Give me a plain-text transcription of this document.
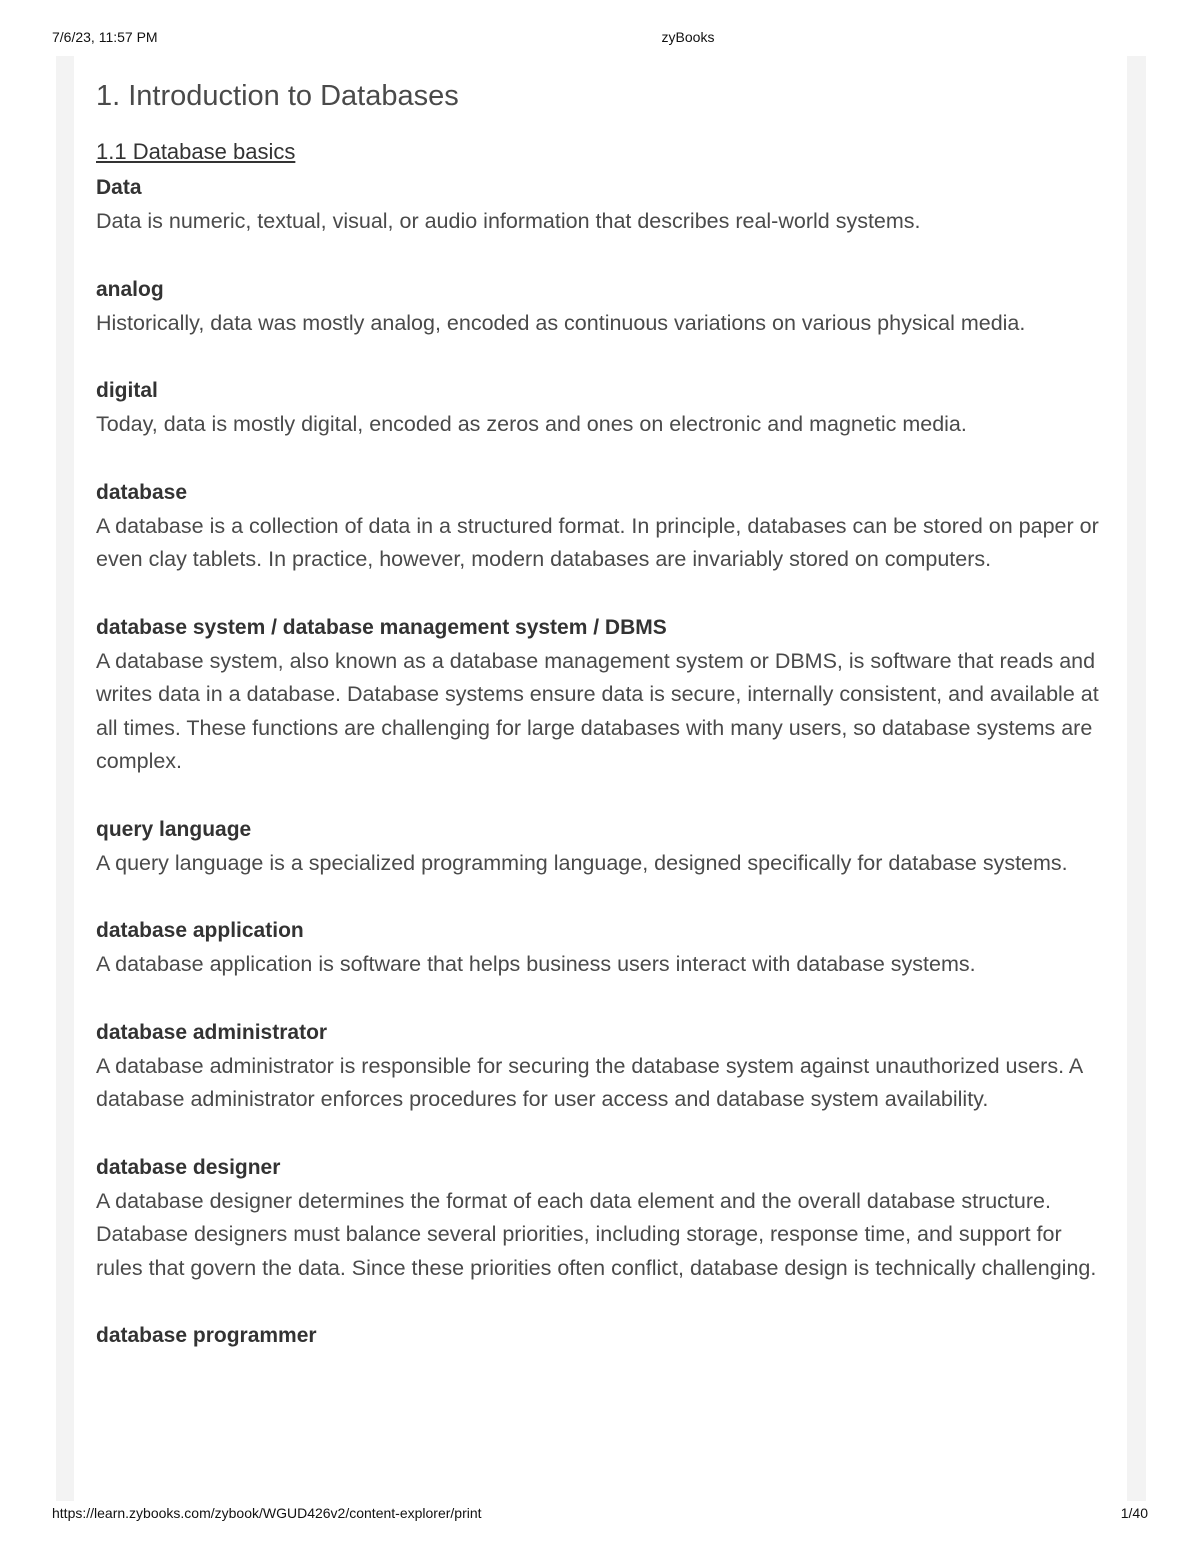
7/6/23, 11:57 PM	zyBooks
1. Introduction to Databases
1.1 Database basics

Data

Data is numeric, textual, visual, or audio information that describes real-world systems.

analog

Historically, data was mostly analog, encoded as continuous variations on various physical media.

digital

Today, data is mostly digital, encoded as zeros and ones on electronic and magnetic media.

database

A database is a collection of data in a structured format. In principle, databases can be stored on paper or even clay tablets. In practice, however, modern databases are invariably stored on computers.

database system / database management system / DBMS

A database system, also known as a database management system or DBMS, is software that reads and writes data in a database. Database systems ensure data is secure, internally consistent, and available at all times. These functions are challenging for large databases with many users, so database systems are complex.

query language

A query language is a specialized programming language, designed specifically for database systems.

database application

A database application is software that helps business users interact with database systems.

database administrator

A database administrator is responsible for securing the database system against unauthorized users. A database administrator enforces procedures for user access and database system availability.

database designer

A database designer determines the format of each data element and the overall database structure. Database designers must balance several priorities, including storage, response time, and support for rules that govern the data. Since these priorities often conflict, database design is technically challenging.

database programmer

https://learn.zybooks.com/zybook/WGUD426v2/content-explorer/print	1/40
